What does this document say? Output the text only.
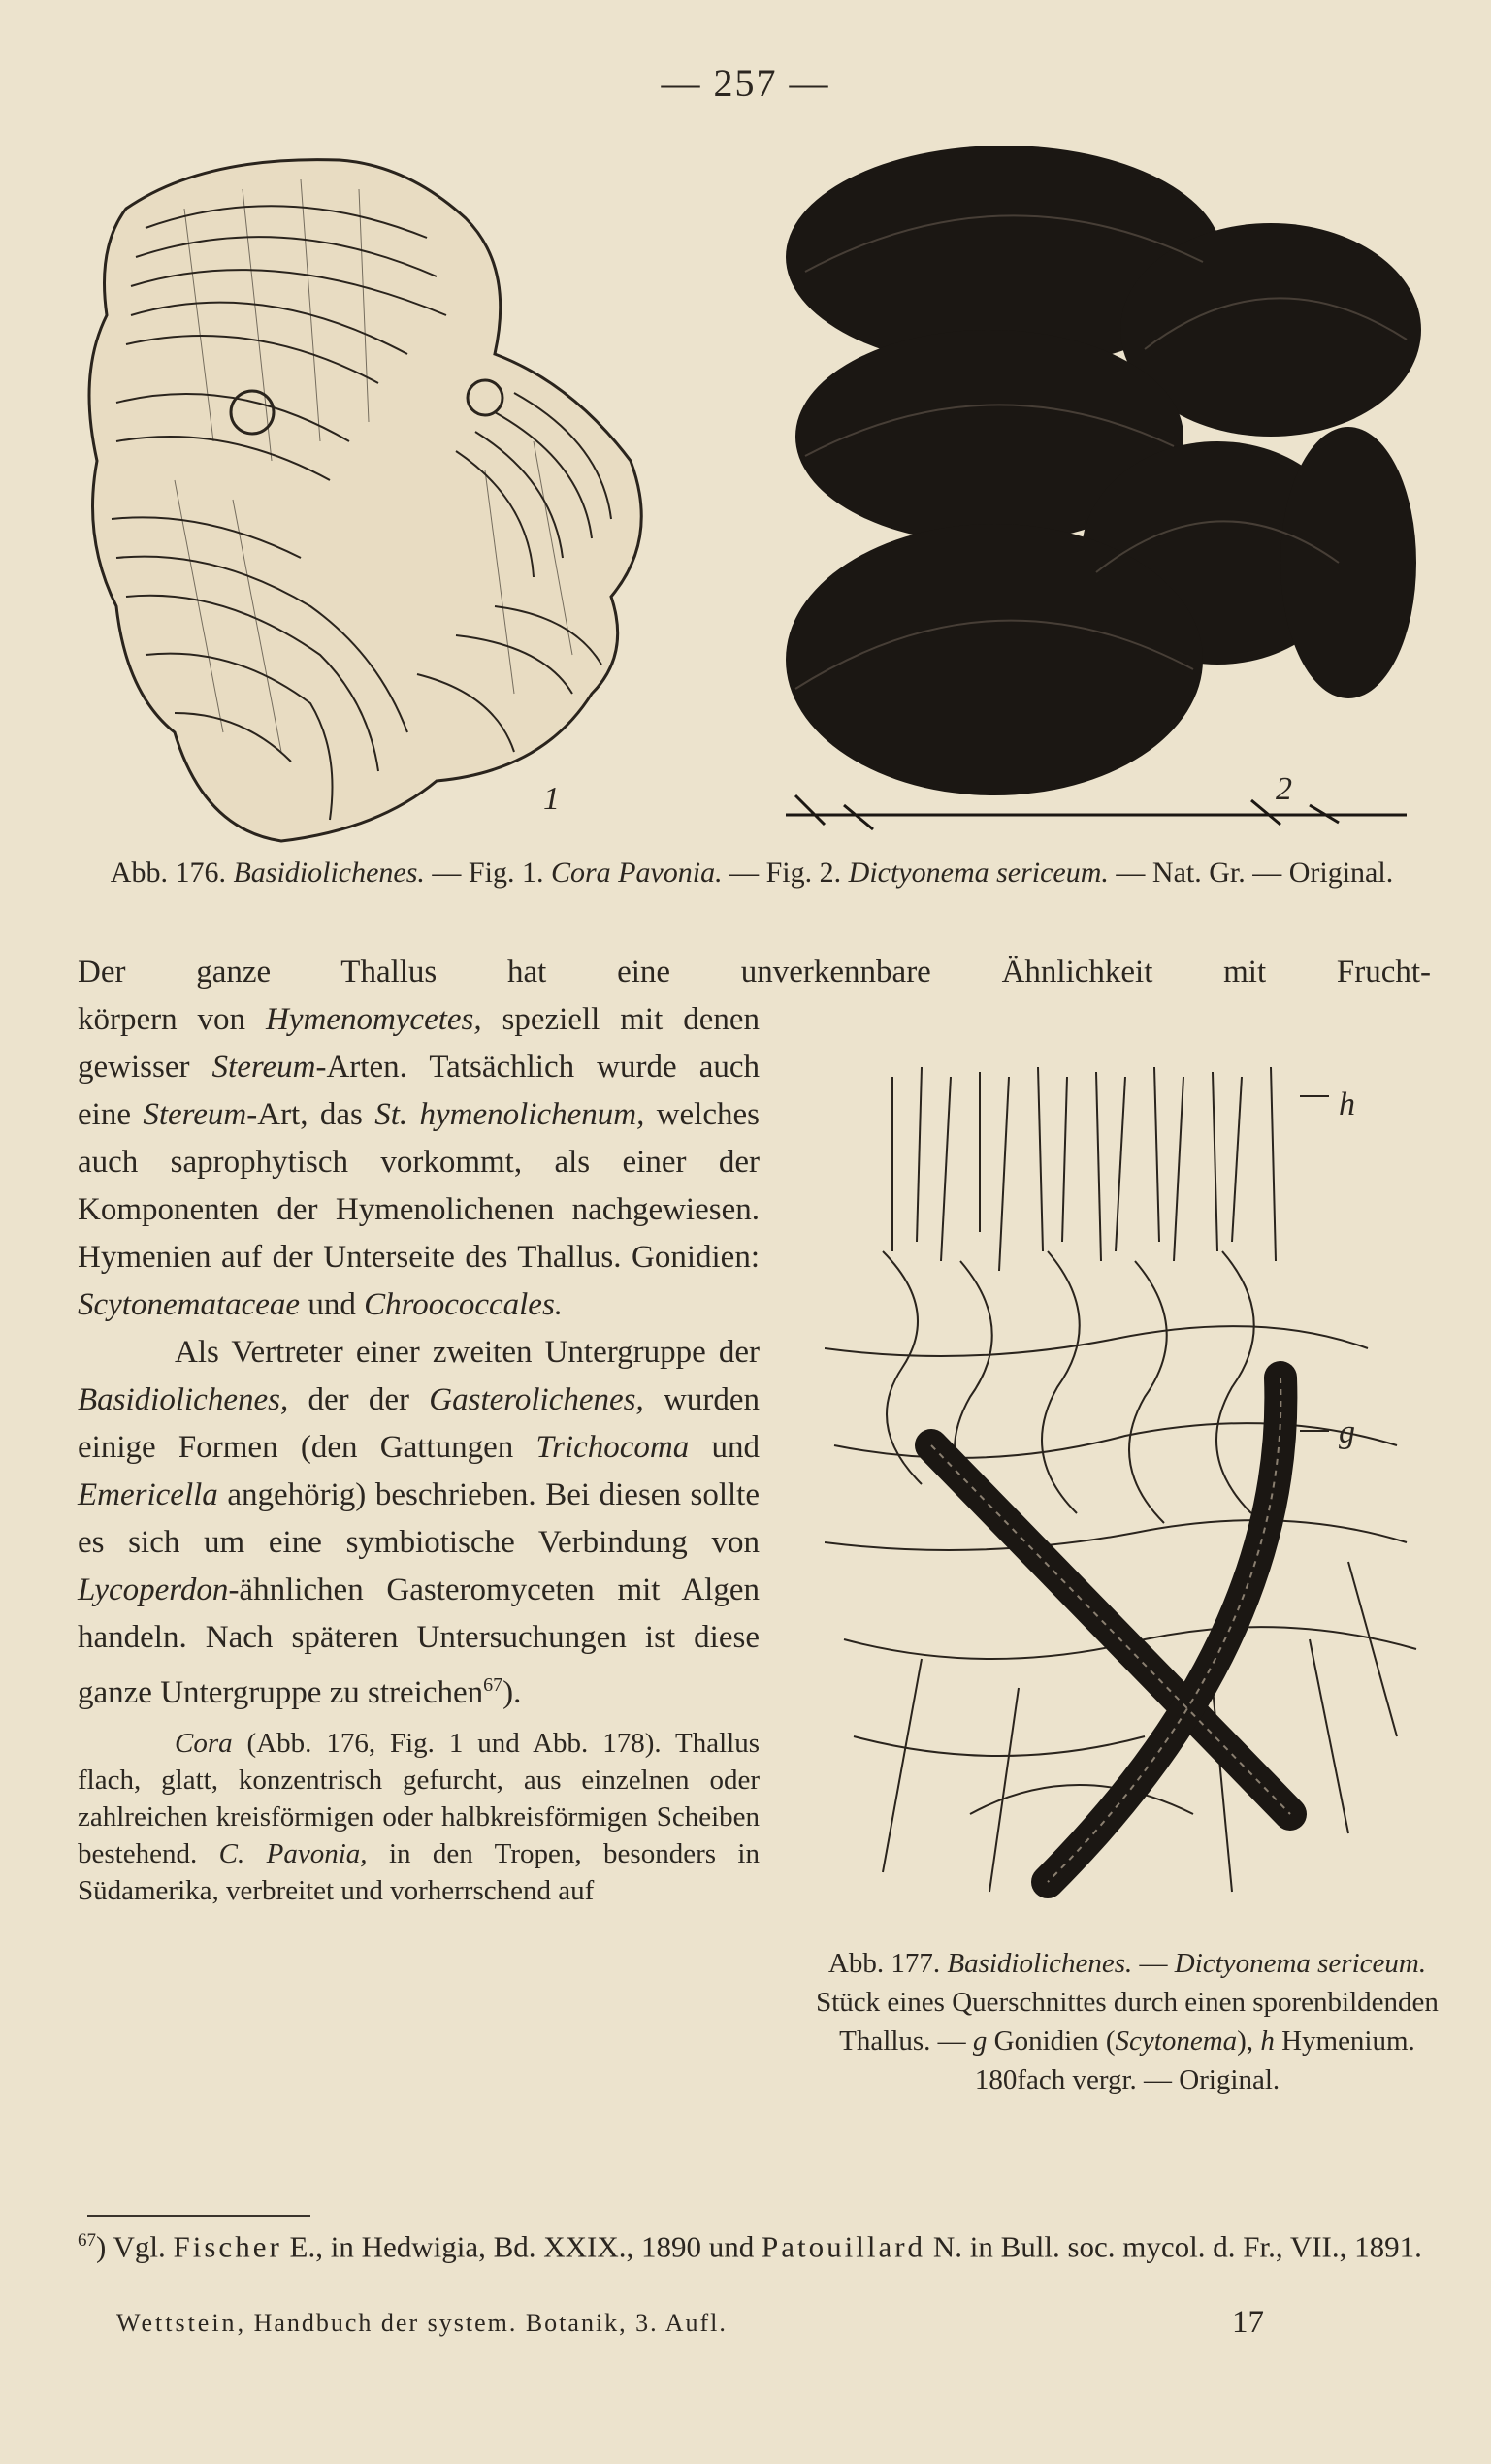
— 257 —
1	2
Abb. 176. Basidiolichenes. — Fig. 1. Cora Pavonia. — Fig. 2. Dictyonema sericeum. — Nat. Gr. — Original.
Der ganze Thallus hat eine unverkennbare Ähnlichkeit mit Frucht-

körpern von Hymenomycetes, speziell mit denen gewisser Stereum-Arten. Tatsächlich wurde auch eine Stereum-Art, das St. hymenolichenum, welches auch saprophytisch vorkommt, als einer der Komponenten der Hymenolichenen nachgewiesen. Hymenien auf der Unterseite des Thallus. Gonidien: Scytonemataceae und Chroococcales.

Als Vertreter einer zweiten Untergruppe der Basidiolichenes, der der Gasterolichenes, wurden einige Formen (den Gattungen Trichocoma und Emericella angehörig) beschrieben. Bei diesen sollte es sich um eine symbiotische Verbindung von Lycoperdon-ähnlichen Gasteromyceten mit Algen handeln. Nach späteren Untersuchungen ist diese ganze Untergruppe zu streichen$^{67}$).

Cora (Abb. 176, Fig. 1 und Abb. 178). Thallus flach, glatt, konzentrisch gefurcht, aus einzelnen oder zahlreichen kreisförmigen oder halbkreisförmigen Scheiben bestehend. C. Pavonia, in den Tropen, besonders in Südamerika, verbreitet und vorherrschend auf

h
g
Abb. 177. Basidiolichenes. — Dictyonema sericeum. Stück eines Querschnittes durch einen sporenbildenden Thallus. — g Gonidien (Scytonema), h Hymenium. 180fach vergr. — Original.
$^{67}$) Vgl. Fischer E., in Hedwigia, Bd. XXIX., 1890 und Patouillard N. in Bull. soc. mycol. d. Fr., VII., 1891.
Wettstein, Handbuch der system. Botanik, 3. Aufl.	17
